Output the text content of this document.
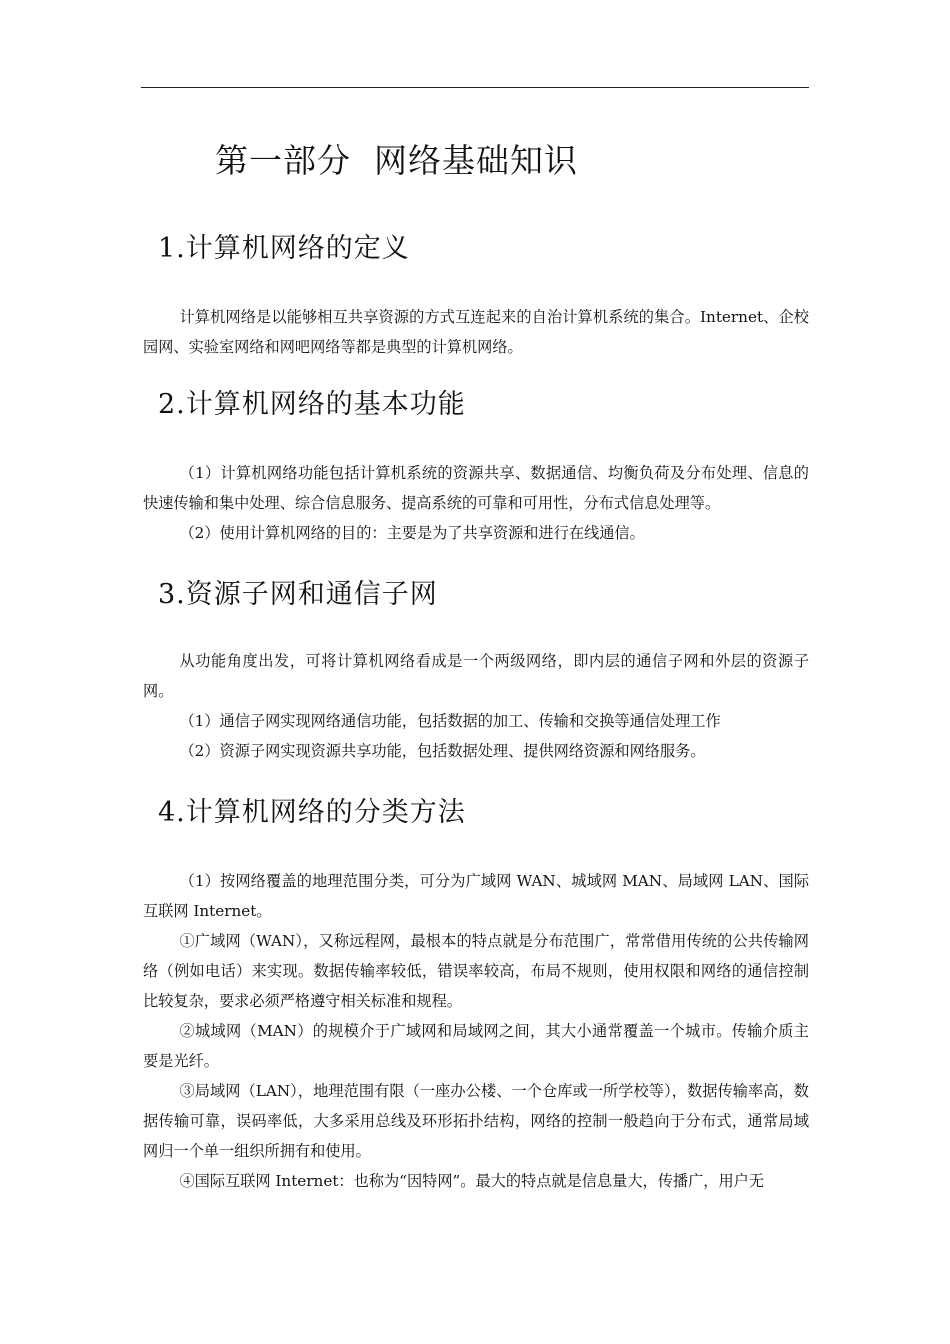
第一部分  网络基础知识
1.计算机网络的定义

计算机网络是以能够相互共享资源的方式互连起来的自治计算机系统的集合。Internet、企校园网、实验室网络和网吧网络等都是典型的计算机网络。

2.计算机网络的基本功能

（1）计算机网络功能包括计算机系统的资源共享、数据通信、均衡负荷及分布处理、信息的快速传输和集中处理、综合信息服务、提高系统的可靠和可用性，分布式信息处理等。

（2）使用计算机网络的目的：主要是为了共享资源和进行在线通信。

3.资源子网和通信子网

从功能角度出发，可将计算机网络看成是一个两级网络，即内层的通信子网和外层的资源子网。

（1）通信子网实现网络通信功能，包括数据的加工、传输和交换等通信处理工作

（2）资源子网实现资源共享功能，包括数据处理、提供网络资源和网络服务。

4.计算机网络的分类方法

（1）按网络覆盖的地理范围分类，可分为广域网 WAN、城域网 MAN、局域网 LAN、国际互联网 Internet。

①广域网（WAN），又称远程网，最根本的特点就是分布范围广，常常借用传统的公共传输网络（例如电话）来实现。数据传输率较低，错误率较高，布局不规则，使用权限和网络的通信控制比较复杂，要求必须严格遵守相关标准和规程。

②城域网（MAN）的规模介于广域网和局域网之间，其大小通常覆盖一个城市。传输介质主要是光纤。

③局域网（LAN），地理范围有限（一座办公楼、一个仓库或一所学校等），数据传输率高，数据传输可靠，误码率低，大多采用总线及环形拓扑结构，网络的控制一般趋向于分布式，通常局域网归一个单一组织所拥有和使用。

④国际互联网 Internet：也称为“因特网”。最大的特点就是信息量大，传播广，用户无
